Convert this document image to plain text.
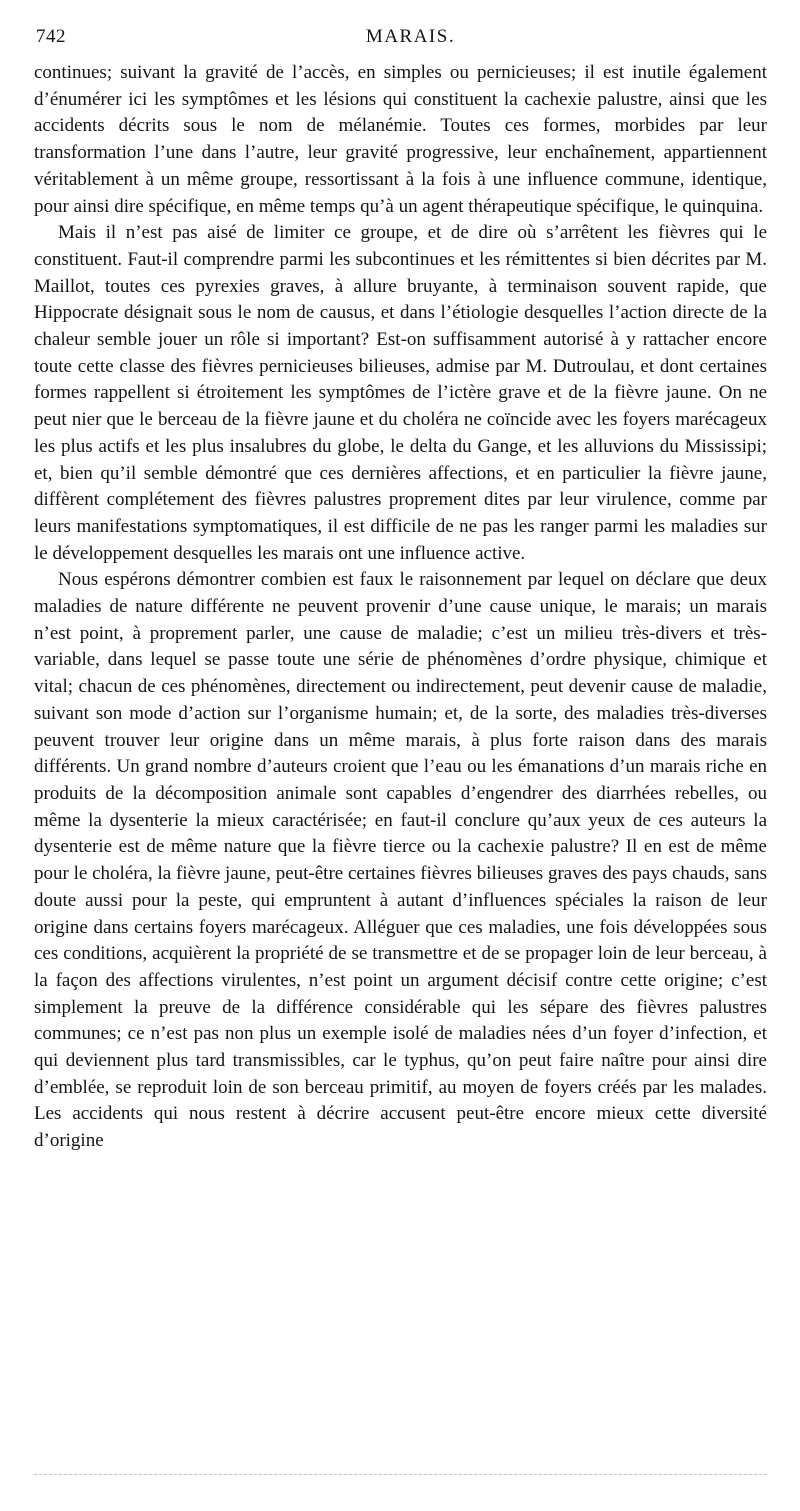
742	MARAIS.

continues; suivant la gravité de l’accès, en simples ou pernicieuses; il est inutile également d’énumérer ici les symptômes et les lésions qui constituent la cachexie palustre, ainsi que les accidents décrits sous le nom de mélanémie. Toutes ces formes, morbides par leur transformation l’une dans l’autre, leur gravité progressive, leur enchaînement, appartiennent véritablement à un même groupe, ressortissant à la fois à une influence commune, identique, pour ainsi dire spécifique, en même temps qu’à un agent thérapeutique spécifique, le quinquina.

Mais il n’est pas aisé de limiter ce groupe, et de dire où s’arrêtent les fièvres qui le constituent. Faut-il comprendre parmi les subcontinues et les rémittentes si bien décrites par M. Maillot, toutes ces pyrexies graves, à allure bruyante, à terminaison souvent rapide, que Hippocrate désignait sous le nom de causus, et dans l’étiologie desquelles l’action directe de la chaleur semble jouer un rôle si important? Est-on suffisamment autorisé à y rattacher encore toute cette classe des fièvres pernicieuses bilieuses, admise par M. Dutroulau, et dont certaines formes rappellent si étroitement les symptômes de l’ictère grave et de la fièvre jaune. On ne peut nier que le berceau de la fièvre jaune et du choléra ne coïncide avec les foyers marécageux les plus actifs et les plus insalubres du globe, le delta du Gange, et les alluvions du Mississipi; et, bien qu’il semble démontré que ces dernières affections, et en particulier la fièvre jaune, diffèrent complétement des fièvres palustres proprement dites par leur virulence, comme par leurs manifestations symptomatiques, il est difficile de ne pas les ranger parmi les maladies sur le développement desquelles les marais ont une influence active.

Nous espérons démontrer combien est faux le raisonnement par lequel on déclare que deux maladies de nature différente ne peuvent provenir d’une cause unique, le marais; un marais n’est point, à proprement parler, une cause de maladie; c’est un milieu très-divers et très-variable, dans lequel se passe toute une série de phénomènes d’ordre physique, chimique et vital; chacun de ces phénomènes, directement ou indirectement, peut devenir cause de maladie, suivant son mode d’action sur l’organisme humain; et, de la sorte, des maladies très-diverses peuvent trouver leur origine dans un même marais, à plus forte raison dans des marais différents. Un grand nombre d’auteurs croient que l’eau ou les émanations d’un marais riche en produits de la décomposition animale sont capables d’engendrer des diarrhées rebelles, ou même la dysenterie la mieux caractérisée; en faut-il conclure qu’aux yeux de ces auteurs la dysenterie est de même nature que la fièvre tierce ou la cachexie palustre? Il en est de même pour le choléra, la fièvre jaune, peut-être certaines fièvres bilieuses graves des pays chauds, sans doute aussi pour la peste, qui empruntent à autant d’influences spéciales la raison de leur origine dans certains foyers marécageux. Alléguer que ces maladies, une fois développées sous ces conditions, acquièrent la propriété de se transmettre et de se propager loin de leur berceau, à la façon des affections virulentes, n’est point un argument décisif contre cette origine; c’est simplement la preuve de la différence considérable qui les sépare des fièvres palustres communes; ce n’est pas non plus un exemple isolé de maladies nées d’un foyer d’infection, et qui deviennent plus tard transmissibles, car le typhus, qu’on peut faire naître pour ainsi dire d’emblée, se reproduit loin de son berceau primitif, au moyen de foyers créés par les malades. Les accidents qui nous restent à décrire accusent peut-être encore mieux cette diversité d’origine
